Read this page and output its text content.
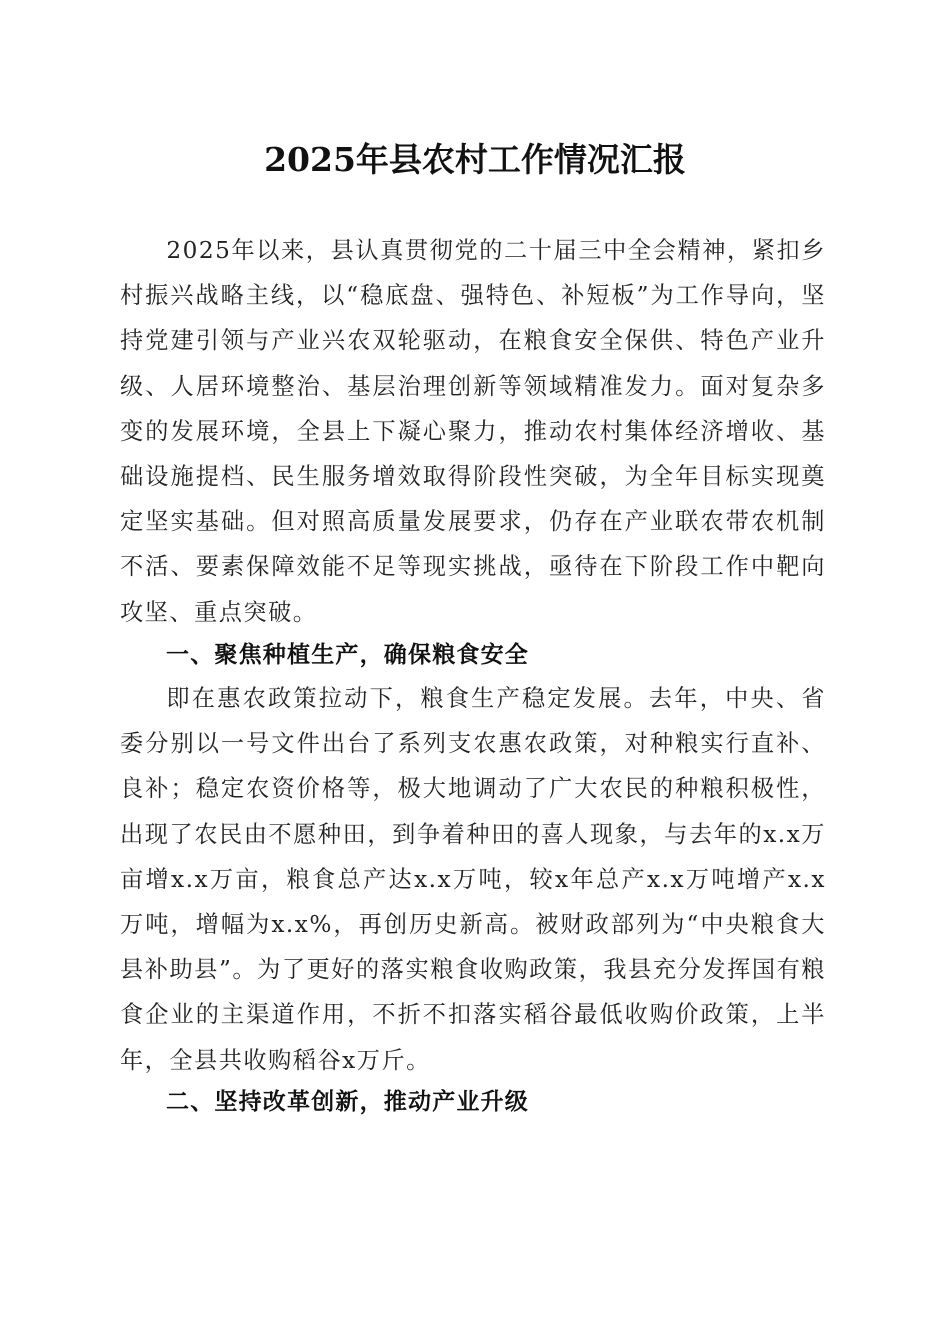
2025年县农村工作情况汇报

2025年以来，县认真贯彻党的二十届三中全会精神，紧扣乡村振兴战略主线，以“稳底盘、强特色、补短板”为工作导向，坚持党建引领与产业兴农双轮驱动，在粮食安全保供、特色产业升级、人居环境整治、基层治理创新等领域精准发力。面对复杂多变的发展环境，全县上下凝心聚力，推动农村集体经济增收、基础设施提档、民生服务增效取得阶段性突破，为全年目标实现奠定坚实基础。但对照高质量发展要求，仍存在产业联农带农机制不活、要素保障效能不足等现实挑战，亟待在下阶段工作中靶向攻坚、重点突破。

一、聚焦种植生产，确保粮食安全

即在惠农政策拉动下，粮食生产稳定发展。去年，中央、省委分别以一号文件出台了系列支农惠农政策，对种粮实行直补、良补；稳定农资价格等，极大地调动了广大农民的种粮积极性，出现了农民由不愿种田，到争着种田的喜人现象，与去年的x.x万亩增x.x万亩，粮食总产达x.x万吨，较x年总产x.x万吨增产x.x万吨，增幅为x.x%，再创历史新高。被财政部列为“中央粮食大县补助县”。为了更好的落实粮食收购政策，我县充分发挥国有粮食企业的主渠道作用，不折不扣落实稻谷最低收购价政策，上半年，全县共收购稻谷x万斤。

二、坚持改革创新，推动产业升级
